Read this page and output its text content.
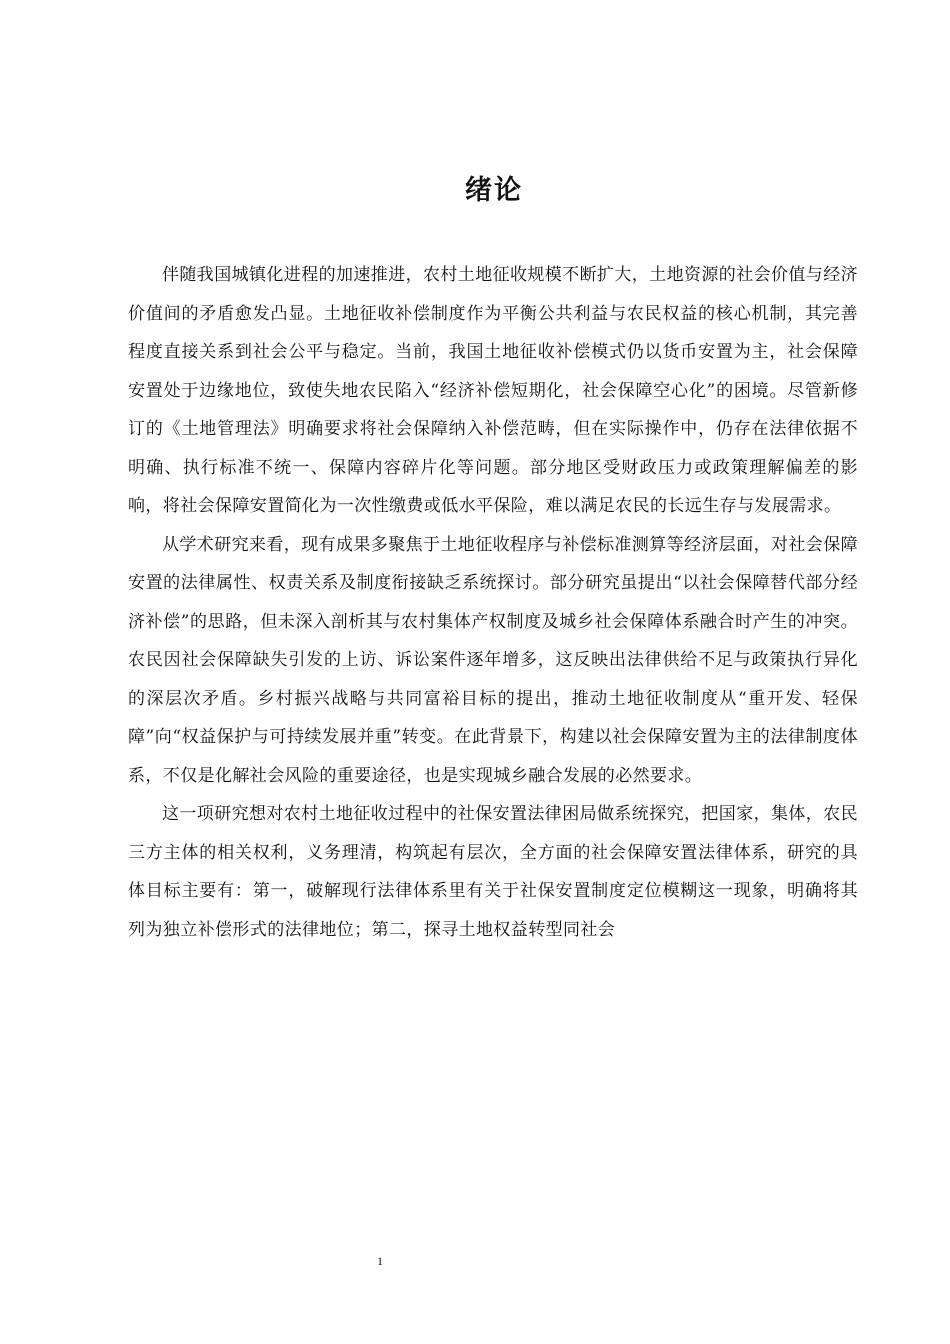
绪论

伴随我国城镇化进程的加速推进，农村土地征收规模不断扩大，土地资源的社会价值与经济价值间的矛盾愈发凸显。土地征收补偿制度作为平衡公共利益与农民权益的核心机制，其完善程度直接关系到社会公平与稳定。当前，我国土地征收补偿模式仍以货币安置为主，社会保障安置处于边缘地位，致使失地农民陷入“经济补偿短期化，社会保障空心化”的困境。尽管新修订的《土地管理法》明确要求将社会保障纳入补偿范畴，但在实际操作中，仍存在法律依据不明确、执行标准不统一、保障内容碎片化等问题。部分地区受财政压力或政策理解偏差的影响，将社会保障安置简化为一次性缴费或低水平保险，难以满足农民的长远生存与发展需求。

从学术研究来看，现有成果多聚焦于土地征收程序与补偿标准测算等经济层面，对社会保障安置的法律属性、权责关系及制度衔接缺乏系统探讨。部分研究虽提出“以社会保障替代部分经济补偿”的思路，但未深入剖析其与农村集体产权制度及城乡社会保障体系融合时产生的冲突。农民因社会保障缺失引发的上访、诉讼案件逐年增多，这反映出法律供给不足与政策执行异化的深层次矛盾。乡村振兴战略与共同富裕目标的提出，推动土地征收制度从“重开发、轻保障”向“权益保护与可持续发展并重”转变。在此背景下，构建以社会保障安置为主的法律制度体系，不仅是化解社会风险的重要途径，也是实现城乡融合发展的必然要求。

这一项研究想对农村土地征收过程中的社保安置法律困局做系统探究，把国家，集体，农民三方主体的相关权利，义务理清，构筑起有层次，全方面的社会保障安置法律体系，研究的具体目标主要有：第一，破解现行法律体系里有关于社保安置制度定位模糊这一现象，明确将其列为独立补偿形式的法律地位；第二，探寻土地权益转型同社会

1
